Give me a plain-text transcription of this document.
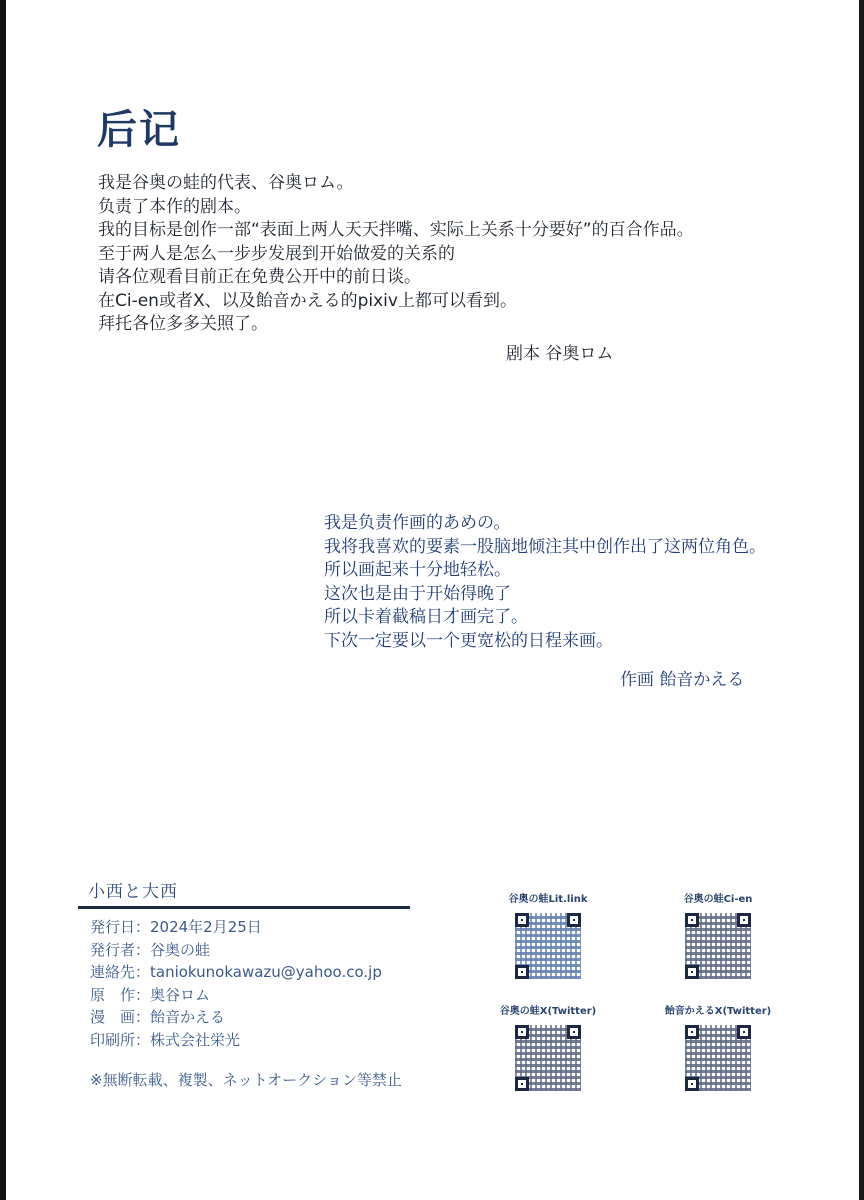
后记
我是谷奥の蛙的代表、谷奥ロム。
负责了本作的剧本。
我的目标是创作一部“表面上两人天天拌嘴、实际上关系十分要好”的百合作品。
至于两人是怎么一步步发展到开始做爱的关系的
请各位观看目前正在免费公开中的前日谈。
在Ci-en或者X、以及飴音かえる的pixiv上都可以看到。
拜托各位多多关照了。
剧本 谷奥ロム
我是负责作画的あめの。
我将我喜欢的要素一股脑地倾注其中创作出了这两位角色。
所以画起来十分地轻松。
这次也是由于开始得晚了
所以卡着截稿日才画完了。
下次一定要以一个更宽松的日程来画。
作画 飴音かえる
小西と大西
発行日：2024年2月25日
発行者：谷奥の蛙
連絡先：taniokunokawazu@yahoo.co.jp
原　作：奥谷ロム
漫　画：飴音かえる
印刷所：株式会社栄光
※無断転載、複製、ネットオークション等禁止
谷奥の蛙Lit.link	谷奥の蛙Ci-en
谷奥の蛙X(Twitter)	飴音かえるX(Twitter)
